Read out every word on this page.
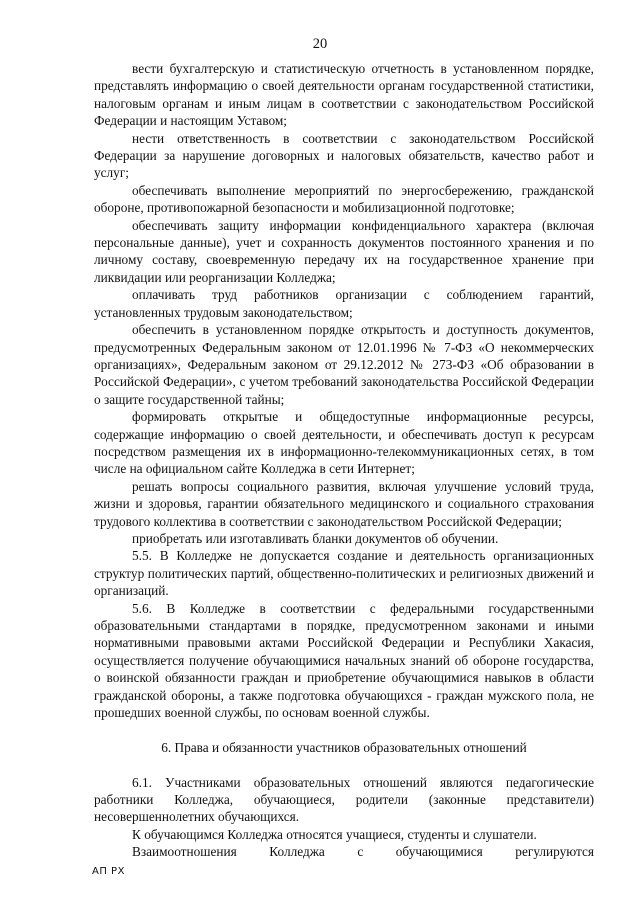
20

вести бухгалтерскую и статистическую отчетность в установленном порядке, представлять информацию о своей деятельности органам государственной статистики, налоговым органам и иным лицам в соответствии с законодательством Российской Федерации и настоящим Уставом;

нести ответственность в соответствии с законодательством Российской Федерации за нарушение договорных и налоговых обязательств, качество работ и услуг;

обеспечивать выполнение мероприятий по энергосбережению, гражданской обороне, противопожарной безопасности и мобилизационной подготовке;

обеспечивать защиту информации конфиденциального характера (включая персональные данные), учет и сохранность документов постоянного хранения и по личному составу, своевременную передачу их на государственное хранение при ликвидации или реорганизации Колледжа;

оплачивать труд работников организации с соблюдением гарантий, установленных трудовым законодательством;

обеспечить в установленном порядке открытость и доступность документов, предусмотренных Федеральным законом от 12.01.1996 № 7-ФЗ «О некоммерческих организациях», Федеральным законом от 29.12.2012 № 273-ФЗ «Об образовании в Российской Федерации», с учетом требований законодательства Российской Федерации о защите государственной тайны;

формировать открытые и общедоступные информационные ресурсы, содержащие информацию о своей деятельности, и обеспечивать доступ к ресурсам посредством размещения их в информационно-телекоммуникационных сетях, в том числе на официальном сайте Колледжа в сети Интернет;

решать вопросы социального развития, включая улучшение условий труда, жизни и здоровья, гарантии обязательного медицинского и социального страхования трудового коллектива в соответствии с законодательством Российской Федерации;

приобретать или изготавливать бланки документов об обучении.

5.5. В Колледже не допускается создание и деятельность организационных структур политических партий, общественно-политических и религиозных движений и организаций.

5.6. В Колледже в соответствии с федеральными государственными образовательными стандартами в порядке, предусмотренном законами и иными нормативными правовыми актами Российской Федерации и Республики Хакасия, осуществляется получение обучающимися начальных знаний об обороне государства, о воинской обязанности граждан и приобретение обучающимися навыков в области гражданской обороны, а также подготовка обучающихся - граждан мужского пола, не прошедших военной службы, по основам военной службы.

6. Права и обязанности участников образовательных отношений

6.1. Участниками образовательных отношений являются педагогические работники Колледжа, обучающиеся, родители (законные представители) несовершеннолетних обучающихся.

К обучающимся Колледжа относятся учащиеся, студенты и слушатели.

Взаимоотношения Колледжа с обучающимися регулируются

АП РХ
